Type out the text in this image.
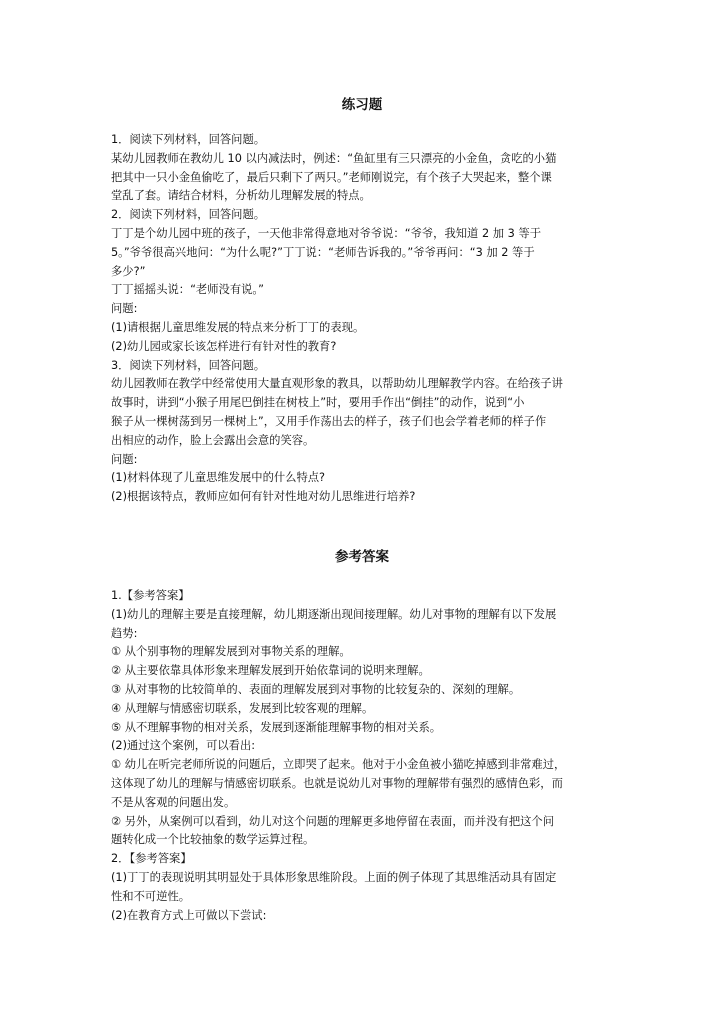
练习题

1．阅读下列材料，回答问题。

某幼儿园教师在教幼儿 10 以内减法时，例述：“鱼缸里有三只漂亮的小金鱼，贪吃的小猫

把其中一只小金鱼偷吃了，最后只剩下了两只。”老师刚说完，有个孩子大哭起来，整个课

堂乱了套。请结合材料，分析幼儿理解发展的特点。

2．阅读下列材料，回答问题。

丁丁是个幼儿园中班的孩子，一天他非常得意地对爷爷说：“爷爷，我知道 2 加 3 等于

5。”爷爷很高兴地问：“为什么呢?”丁丁说：“老师告诉我的。”爷爷再问：“3 加 2 等于

多少?”

丁丁摇摇头说：“老师没有说。”

问题:

(1)请根据儿童思维发展的特点来分析丁丁的表现。

(2)幼儿园或家长该怎样进行有针对性的教育?

3．阅读下列材料，回答问题。

幼儿园教师在教学中经常使用大量直观形象的教具，以帮助幼儿理解教学内容。在给孩子讲

故事时，讲到“小猴子用尾巴倒挂在树枝上”时，要用手作出“倒挂”的动作，说到“小

猴子从一棵树荡到另一棵树上”，又用手作荡出去的样子，孩子们也会学着老师的样子作

出相应的动作，脸上会露出会意的笑容。

问题:

(1)材料体现了儿童思维发展中的什么特点?

(2)根据该特点，教师应如何有针对性地对幼儿思维进行培养?

参考答案

1.【参考答案】

(1)幼儿的理解主要是直接理解，幼儿期逐渐出现间接理解。幼儿对事物的理解有以下发展

趋势:

① 从个别事物的理解发展到对事物关系的理解。

② 从主要依靠具体形象来理解发展到开始依靠词的说明来理解。

③ 从对事物的比较简单的、表面的理解发展到对事物的比较复杂的、深刻的理解。

④ 从理解与情感密切联系，发展到比较客观的理解。

⑤ 从不理解事物的相对关系，发展到逐渐能理解事物的相对关系。

(2)通过这个案例，可以看出:

① 幼儿在听完老师所说的问题后，立即哭了起来。他对于小金鱼被小猫吃掉感到非常难过，

这体现了幼儿的理解与情感密切联系。也就是说幼儿对事物的理解带有强烈的感情色彩，而

不是从客观的问题出发。

② 另外，从案例可以看到，幼儿对这个问题的理解更多地停留在表面，而并没有把这个问

题转化成一个比较抽象的数学运算过程。

2．【参考答案】

(1)丁丁的表现说明其明显处于具体形象思维阶段。上面的例子体现了其思维活动具有固定

性和不可逆性。

(2)在教育方式上可做以下尝试:
